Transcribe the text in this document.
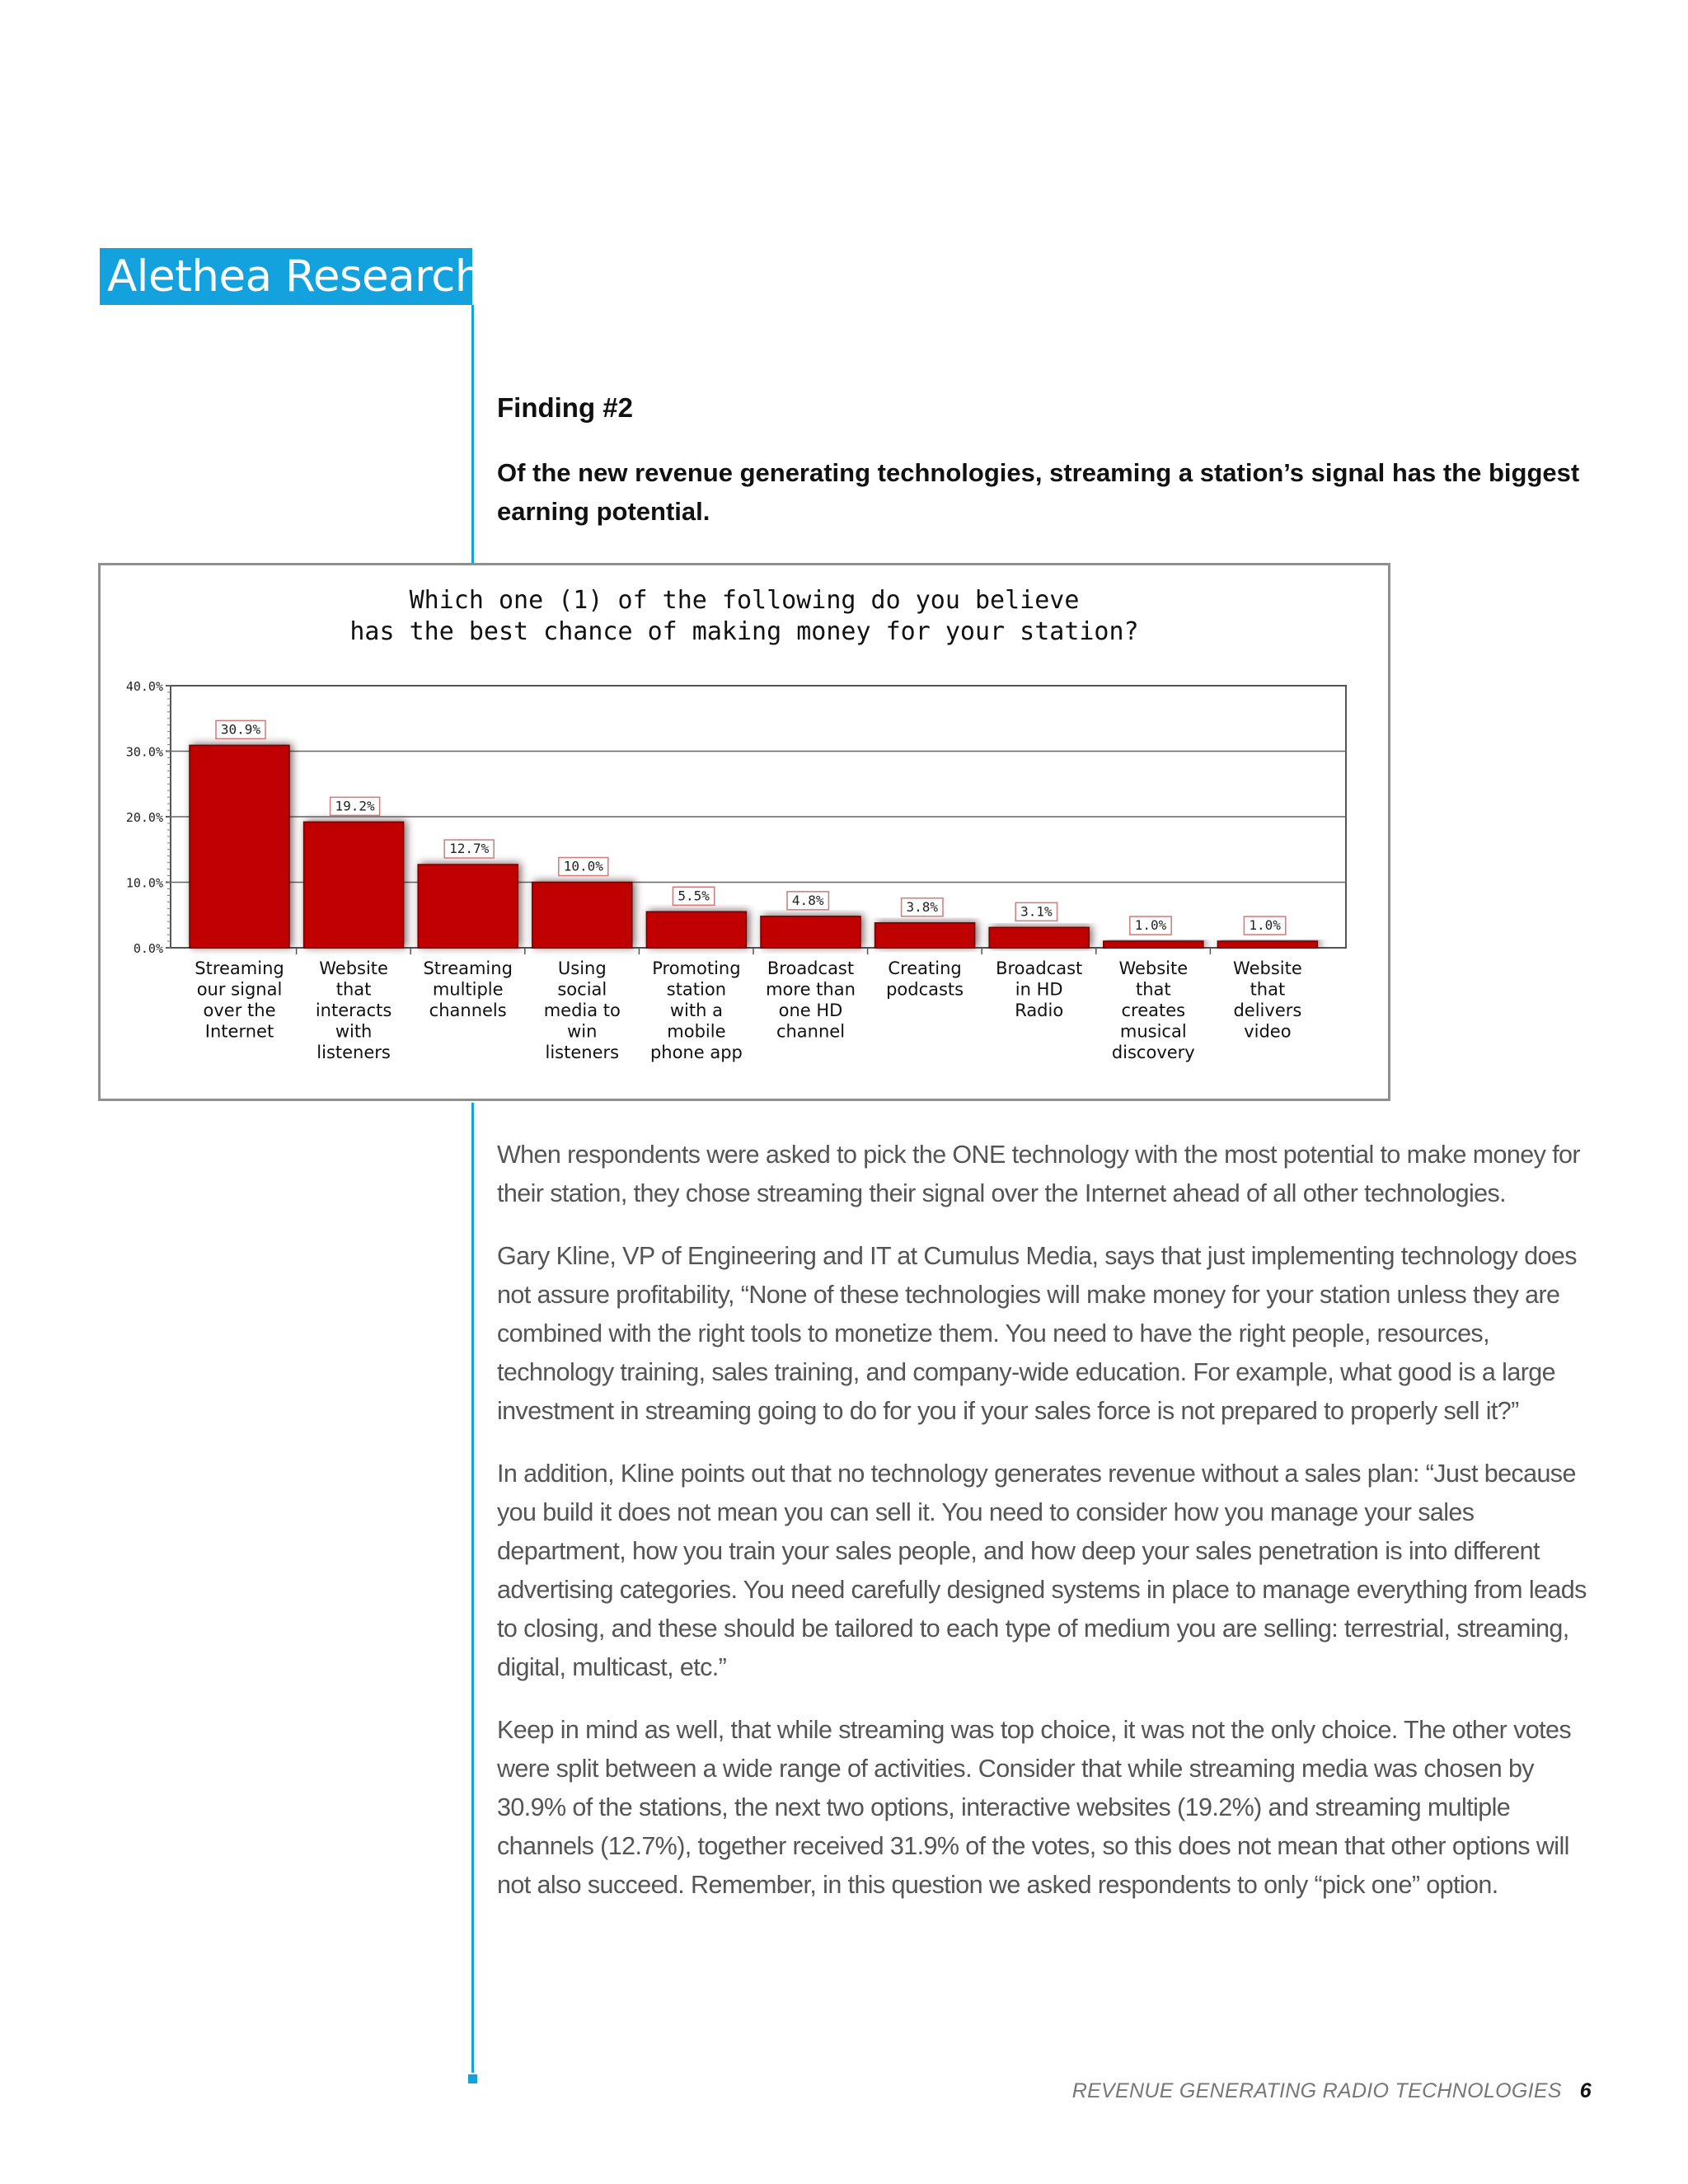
Alethea Research
Finding #2
Of the new revenue generating technologies, streaming a station’s signal has the biggest earning potential.
Which one (1) of the following do you believe
has the best chance of making money for your station?
0.0%
10.0%
20.0%
30.0%
40.0%
30.9%
Streaming
our signal
over the
Internet
19.2%
Website
that
interacts
with
listeners
12.7%
Streaming
multiple
channels
10.0%
Using
social
media to
win
listeners
5.5%
Promoting
station
with a
mobile
phone app
4.8%
Broadcast
more than
one HD
channel
3.8%
Creating
podcasts
3.1%
Broadcast
in HD
Radio
1.0%
Website
that
creates
musical
discovery
1.0%
Website
that
delivers
video

When respondents were asked to pick the ONE technology with the most potential to make money for their station, they chose streaming their signal over the Internet ahead of all other technologies.

Gary Kline, VP of Engineering and IT at Cumulus Media, says that just implementing technology does not assure profitability, “None of these technologies will make money for your station unless they are combined with the right tools to monetize them. You need to have the right people, resources, technology training, sales training, and company-wide education. For example, what good is a large investment in streaming going to do for you if your sales force is not prepared to properly sell it?”

In addition, Kline points out that no technology generates revenue without a sales plan: “Just because you build it does not mean you can sell it. You need to consider how you manage your sales department, how you train your sales people, and how deep your sales penetration is into different advertising categories. You need carefully designed systems in place to manage everything from leads to closing, and these should be tailored to each type of medium you are selling: terrestrial, streaming, digital, multicast, etc.”

Keep in mind as well, that while streaming was top choice, it was not the only choice. The other votes were split between a wide range of activities. Consider that while streaming media was chosen by 30.9% of the stations, the next two options, interactive websites (19.2%) and streaming multiple channels (12.7%), together received 31.9% of the votes, so this does not mean that other options will not also succeed. Remember, in this question we asked respondents to only “pick one” option.

REVENUE GENERATING RADIO TECHNOLOGIES 6
